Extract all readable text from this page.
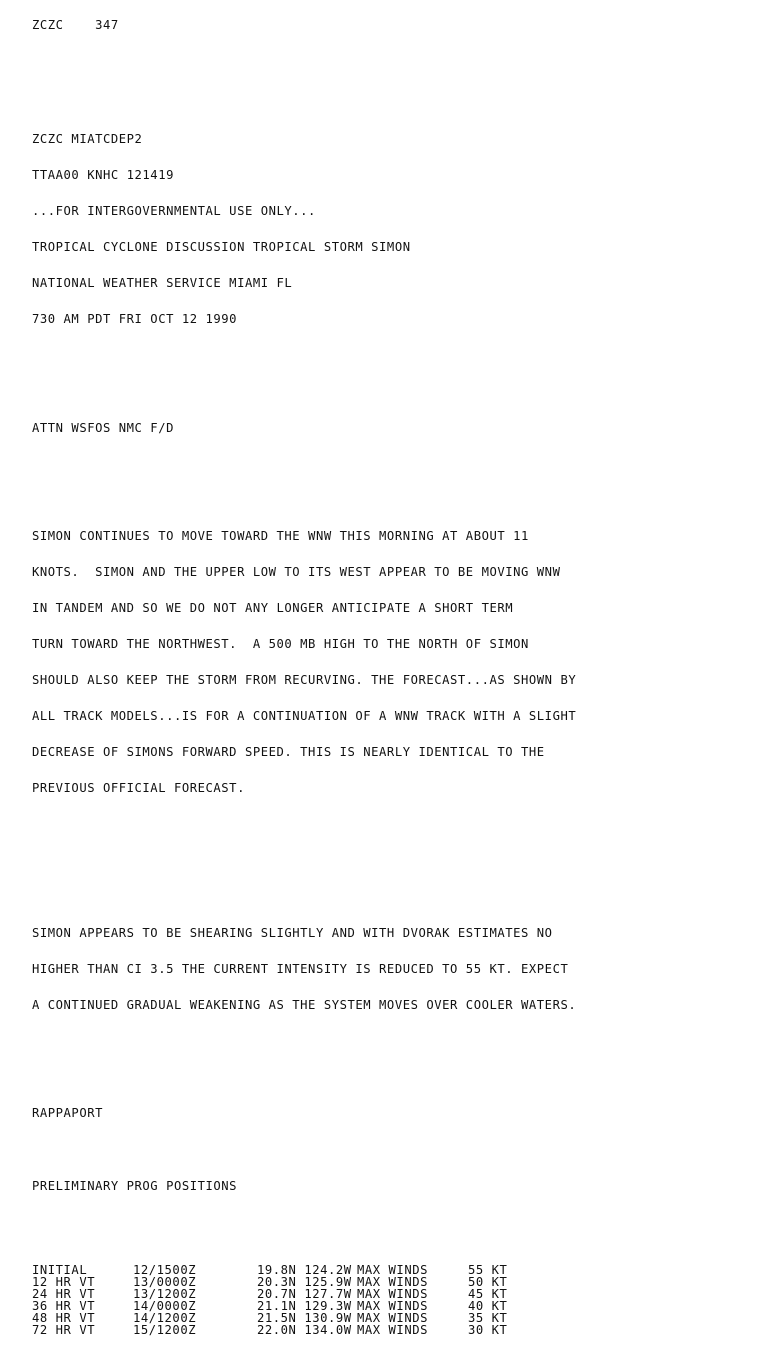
ZCZC    347

ZCZC MIATCDEP2

TTAA00 KNHC 121419

...FOR INTERGOVERNMENTAL USE ONLY...

TROPICAL CYCLONE DISCUSSION TROPICAL STORM SIMON

NATIONAL WEATHER SERVICE MIAMI FL

730 AM PDT FRI OCT 12 1990

ATTN WSFOS NMC F/D

SIMON CONTINUES TO MOVE TOWARD THE WNW THIS MORNING AT ABOUT 11

KNOTS.  SIMON AND THE UPPER LOW TO ITS WEST APPEAR TO BE MOVING WNW

IN TANDEM AND SO WE DO NOT ANY LONGER ANTICIPATE A SHORT TERM

TURN TOWARD THE NORTHWEST.  A 500 MB HIGH TO THE NORTH OF SIMON

SHOULD ALSO KEEP THE STORM FROM RECURVING. THE FORECAST...AS SHOWN BY

ALL TRACK MODELS...IS FOR A CONTINUATION OF A WNW TRACK WITH A SLIGHT

DECREASE OF SIMONS FORWARD SPEED. THIS IS NEARLY IDENTICAL TO THE

PREVIOUS OFFICIAL FORECAST.

SIMON APPEARS TO BE SHEARING SLIGHTLY AND WITH DVORAK ESTIMATES NO

HIGHER THAN CI 3.5 THE CURRENT INTENSITY IS REDUCED TO 55 KT. EXPECT

A CONTINUED GRADUAL WEAKENING AS THE SYSTEM MOVES OVER COOLER WATERS.

RAPPAPORT

PRELIMINARY PROG POSITIONS

INITIAL	12/1500Z	19.8N 124.2W	MAX WINDS	55 KT
12 HR VT	13/0000Z	20.3N 125.9W	MAX WINDS	50 KT
24 HR VT	13/1200Z	20.7N 127.7W	MAX WINDS	45 KT
36 HR VT	14/0000Z	21.1N 129.3W	MAX WINDS	40 KT
48 HR VT	14/1200Z	21.5N 130.9W	MAX WINDS	35 KT
72 HR VT	15/1200Z	22.0N 134.0W	MAX WINDS	30 KT
